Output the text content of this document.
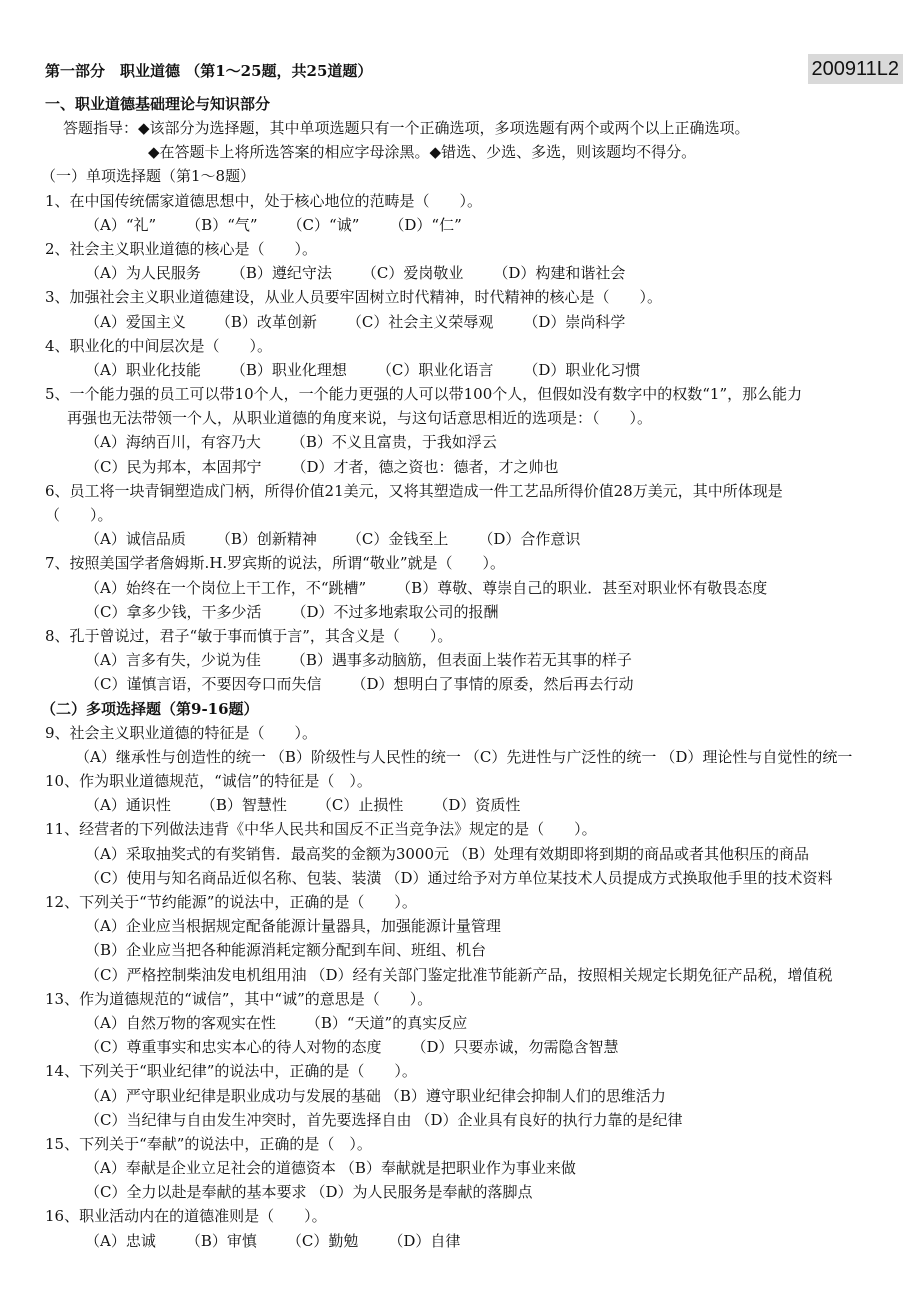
第一部分　职业道德 （第1～25题，共25道题）	200911L2
一、职业道德基础理论与知识部分
答题指导：◆该部分为选择题，其中单项选题只有一个正确选项，多项选题有两个或两个以上正确选项。
◆在答题卡上将所选答案的相应字母涂黑。◆错选、少选、多选，则该题均不得分。
（一）单项选择题（第1～8题）
1、在中国传统儒家道德思想中，处于核心地位的范畴是（　　）。
（A）“礼” （B）“气” （C）“诚” （D）“仁”
2、社会主义职业道德的核心是（　　）。
（A）为人民服务 （B）遵纪守法 （C）爱岗敬业 （D）构建和谐社会
3、加强社会主义职业道德建设，从业人员要牢固树立时代精神，时代精神的核心是（　　）。
（A）爱国主义 （B）改革创新 （C）社会主义荣辱观 （D）崇尚科学
4、职业化的中间层次是（　　）。
（A）职业化技能 （B）职业化理想 （C）职业化语言 （D）职业化习惯
5、一个能力强的员工可以带10个人，一个能力更强的人可以带100个人，但假如没有数字中的权数“1”，那么能力
再强也无法带领一个人，从职业道德的角度来说，与这句话意思相近的选项是：（　　）。
（A）海纳百川，有容乃大 （B）不义且富贵，于我如浮云
（C）民为邦本，本固邦宁 （D）才者，德之资也：德者，才之帅也
6、员工将一块青铜塑造成门柄，所得价值21美元，又将其塑造成一件工艺品所得价值28万美元，其中所体现是
（　　）。
（A）诚信品质 （B）创新精神 （C）金钱至上 （D）合作意识
7、按照美国学者詹姆斯.H.罗宾斯的说法，所谓“敬业”就是（　　）。
（A）始终在一个岗位上干工作，不“跳槽” （B）尊敬、尊崇自己的职业．甚至对职业怀有敬畏态度
（C）拿多少钱，干多少活 （D）不过多地索取公司的报酬
8、孔于曾说过，君子“敏于事而慎于言”，其含义是（　　）。
（A）言多有失，少说为佳 （B）遇事多动脑筋，但表面上装作若无其事的样子
（C）谨慎言语，不要因夸口而失信 （D）想明白了事情的原委，然后再去行动
（二）多项选择题（第9-16题）
9、社会主义职业道德的特征是（　　）。
（A）继承性与创造性的统一 （B）阶级性与人民性的统一 （C）先进性与广泛性的统一 （D）理论性与自觉性的统一
10、作为职业道德规范，“诚信”的特征是（　）。
（A）通识性 （B）智慧性 （C）止损性 （D）资质性
11、经营者的下列做法违背《中华人民共和国反不正当竞争法》规定的是（　　）。
（A）采取抽奖式的有奖销售．最高奖的金额为3000元 （B）处理有效期即将到期的商品或者其他积压的商品
（C）使用与知名商品近似名称、包装、装潢 （D）通过给予对方单位某技术人员提成方式换取他手里的技术资料
12、下列关于“节约能源”的说法中，正确的是（　　）。
（A）企业应当根据规定配备能源计量器具，加强能源计量管理
（B）企业应当把各种能源消耗定额分配到车间、班组、机台
（C）严格控制柴油发电机组用油 （D）经有关部门鉴定批准节能新产品，按照相关规定长期免征产品税，增值税
13、作为道德规范的“诚信”，其中“诚”的意思是（　　）。
（A）自然万物的客观实在性 （B）“天道”的真实反应
（C）尊重事实和忠实本心的待人对物的态度 （D）只要赤诚，勿需隐含智慧
14、下列关于“职业纪律”的说法中，正确的是（　　）。
（A）严守职业纪律是职业成功与发展的基础 （B）遵守职业纪律会抑制人们的思维活力
（C）当纪律与自由发生冲突时，首先要选择自由 （D）企业具有良好的执行力靠的是纪律
15、下列关于“奉献”的说法中，正确的是（　）。
（A）奉献是企业立足社会的道德资本 （B）奉献就是把职业作为事业来做
（C）全力以赴是奉献的基本要求 （D）为人民服务是奉献的落脚点
16、职业活动内在的道德准则是（　　）。
（A）忠诚 （B）审慎 （C）勤勉 （D）自律
